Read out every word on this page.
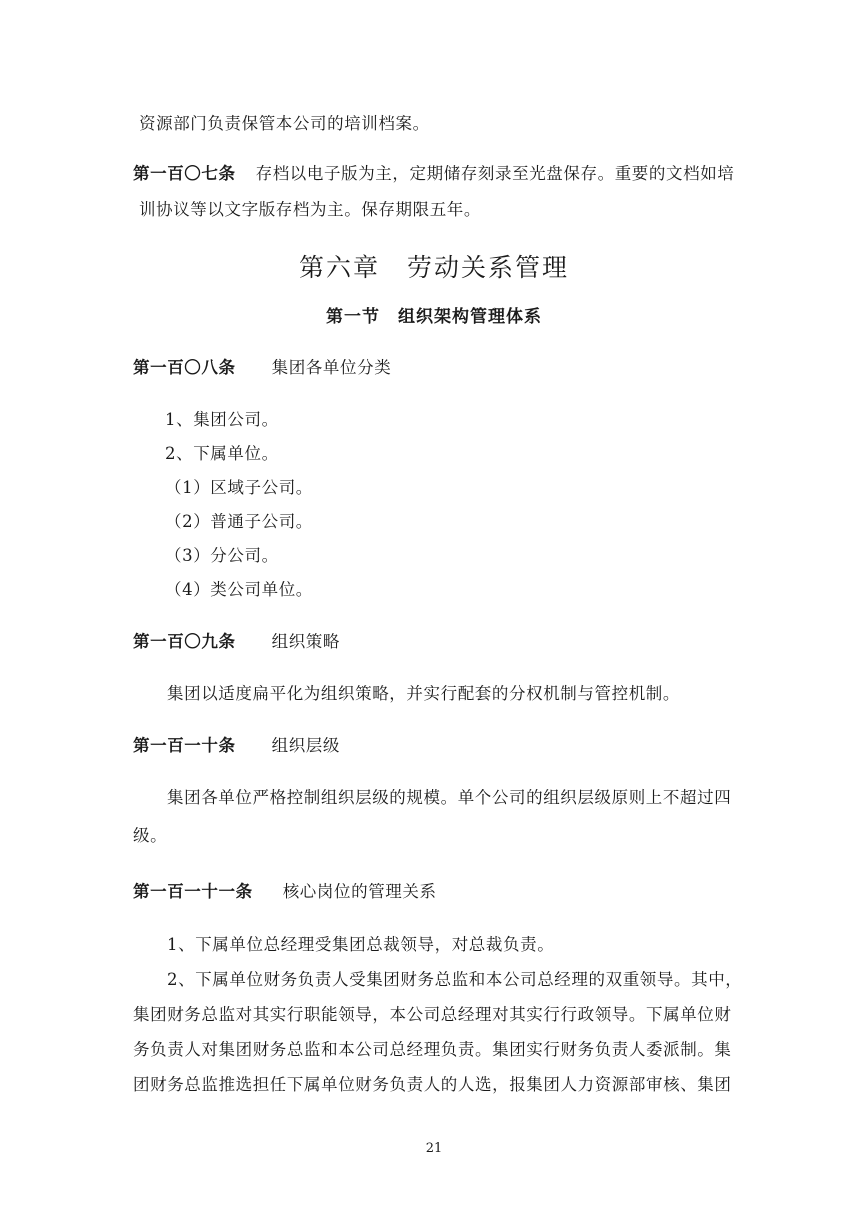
资源部门负责保管本公司的培训档案。
第一百〇七条 存档以电子版为主，定期储存刻录至光盘保存。重要的文档如培
训协议等以文字版存档为主。保存期限五年。
第六章　劳动关系管理
第一节　组织架构管理体系
第一百〇八条 集团各单位分类
1、集团公司。
2、下属单位。
（1）区域子公司。
（2）普通子公司。
（3）分公司。
（4）类公司单位。
第一百〇九条 组织策略
集团以适度扁平化为组织策略，并实行配套的分权机制与管控机制。
第一百一十条 组织层级
集团各单位严格控制组织层级的规模。单个公司的组织层级原则上不超过四
级。
第一百一十一条 核心岗位的管理关系
1、下属单位总经理受集团总裁领导，对总裁负责。
2、下属单位财务负责人受集团财务总监和本公司总经理的双重领导。其中，
集团财务总监对其实行职能领导，本公司总经理对其实行行政领导。下属单位财
务负责人对集团财务总监和本公司总经理负责。集团实行财务负责人委派制。集
团财务总监推选担任下属单位财务负责人的人选，报集团人力资源部审核、集团
21
